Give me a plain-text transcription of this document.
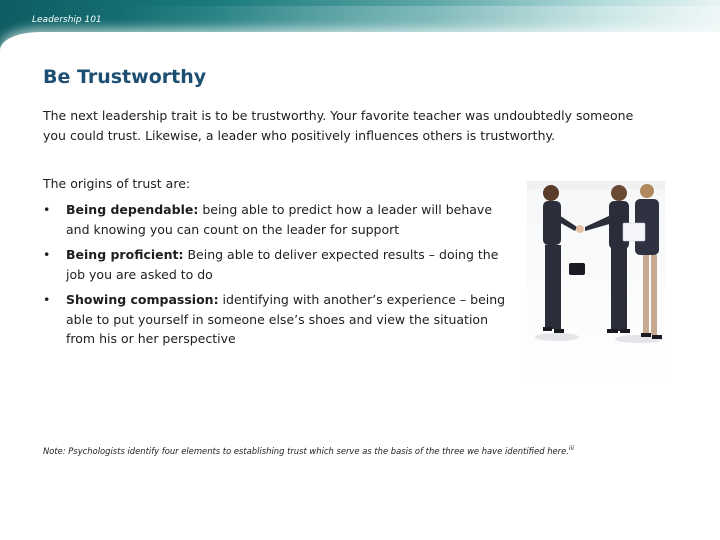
Leadership 101
Be Trustworthy

The next leadership trait is to be trustworthy. Your favorite teacher was undoubtedly someone
you could trust. Likewise, a leader who positively influences others is trustworthy.

The origins of trust are:

• Being dependable: being able to predict how a leader will behave and knowing you can count on the leader for support
• Being proficient: Being able to deliver expected results – doing the job you are asked to do
• Showing compassion: identifying with another’s experience – being able to put yourself in someone else’s shoes and view the situation from his or her perspective

Note: Psychologists identify four elements to establishing trust which serve as the basis of the three we have identified here.$^{iii}$
